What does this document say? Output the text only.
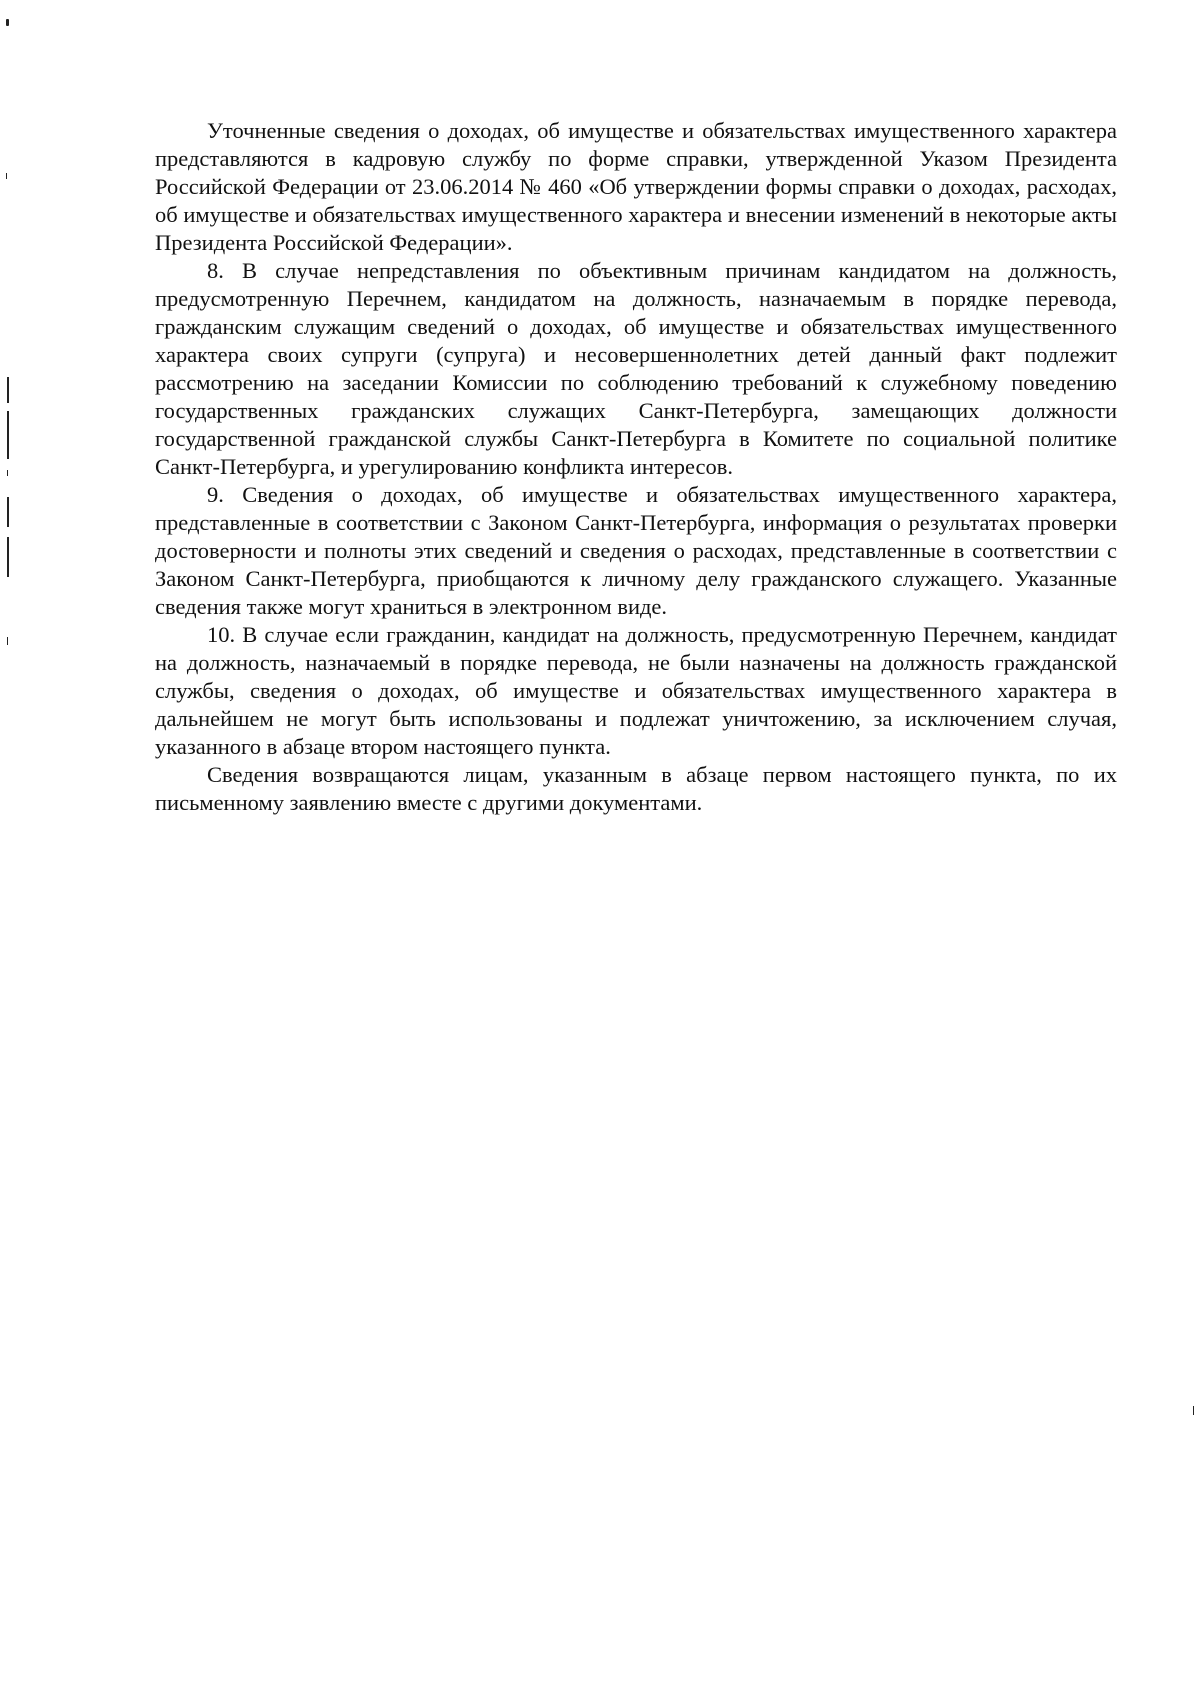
Уточненные сведения о доходах, об имуществе и обязательствах имущественного характера представляются в кадровую службу по форме справки, утвержденной Указом Президента Российской Федерации от 23.06.2014 № 460 «Об утверждении формы справки о доходах, расходах, об имуществе и обязательствах имущественного характера и внесении изменений в некоторые акты Президента Российской Федерации».

8. В случае непредставления по объективным причинам кандидатом на должность, предусмотренную Перечнем, кандидатом на должность, назначаемым в порядке перевода, гражданским служащим сведений о доходах, об имуществе и обязательствах имущественного характера своих супруги (супруга) и несовершеннолетних детей данный факт подлежит рассмотрению на заседании Комиссии по соблюдению требований к служебному поведению государственных гражданских служащих Санкт-Петербурга, замещающих должности государственной гражданской службы Санкт-Петербурга в Комитете по социальной политике Санкт-Петербурга, и урегулированию конфликта интересов.

9. Сведения о доходах, об имуществе и обязательствах имущественного характера, представленные в соответствии с Законом Санкт-Петербурга, информация о результатах проверки достоверности и полноты этих сведений и сведения о расходах, представленные в соответствии с Законом Санкт-Петербурга, приобщаются к личному делу гражданского служащего. Указанные сведения также могут храниться в электронном виде.

10. В случае если гражданин, кандидат на должность, предусмотренную Перечнем, кандидат на должность, назначаемый в порядке перевода, не были назначены на должность гражданской службы, сведения о доходах, об имуществе и обязательствах имущественного характера в дальнейшем не могут быть использованы и подлежат уничтожению, за исключением случая, указанного в абзаце втором настоящего пункта.

Сведения возвращаются лицам, указанным в абзаце первом настоящего пункта, по их письменному заявлению вместе с другими документами.
